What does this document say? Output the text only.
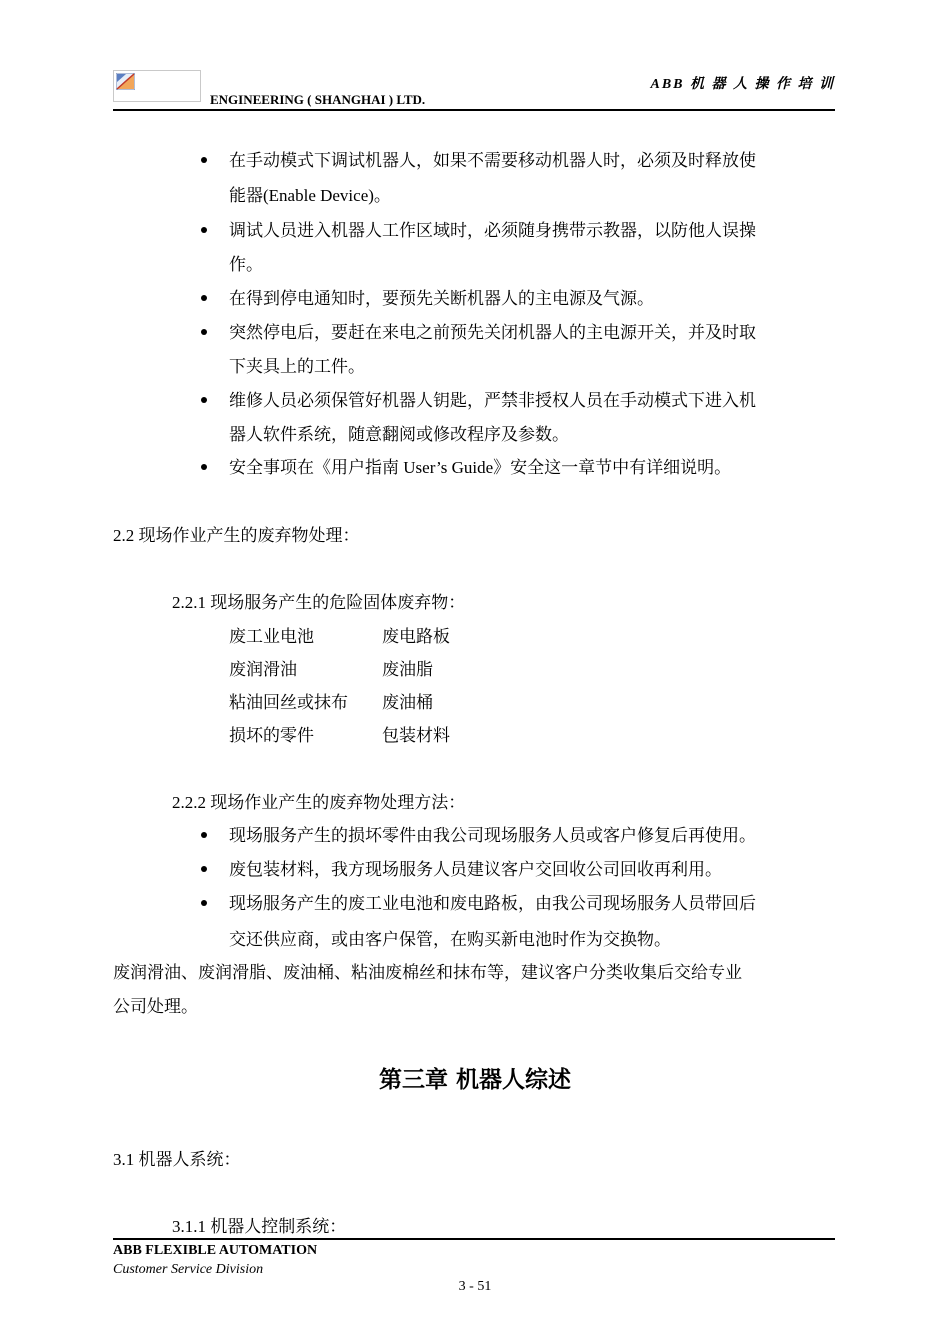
ENGINEERING ( SHANGHAI ) LTD.
ABB 机 器 人 操 作 培 训
在手动模式下调试机器人，如果不需要移动机器人时，必须及时释放使
能器(Enable Device)。
调试人员进入机器人工作区域时，必须随身携带示教器，以防他人误操
作。
在得到停电通知时，要预先关断机器人的主电源及气源。
突然停电后，要赶在来电之前预先关闭机器人的主电源开关，并及时取
下夹具上的工件。
维修人员必须保管好机器人钥匙，严禁非授权人员在手动模式下进入机
器人软件系统，随意翻阅或修改程序及参数。
安全事项在《用户指南 User’s Guide》安全这一章节中有详细说明。
2.2 现场作业产生的废弃物处理：
2.2.1 现场服务产生的危险固体废弃物：
废工业电池	废电路板
废润滑油	废油脂
粘油回丝或抹布 废油桶
损坏的零件	包装材料
2.2.2 现场作业产生的废弃物处理方法：
现场服务产生的损坏零件由我公司现场服务人员或客户修复后再使用。
废包装材料，我方现场服务人员建议客户交回收公司回收再利用。
现场服务产生的废工业电池和废电路板，由我公司现场服务人员带回后
交还供应商，或由客户保管，在购买新电池时作为交换物。
废润滑油、废润滑脂、废油桶、粘油废棉丝和抹布等，建议客户分类收集后交给专业
公司处理。
第三章 机器人综述
3.1 机器人系统：
3.1.1 机器人控制系统：
ABB FLEXIBLE AUTOMATION
Customer Service Division
3 - 51
